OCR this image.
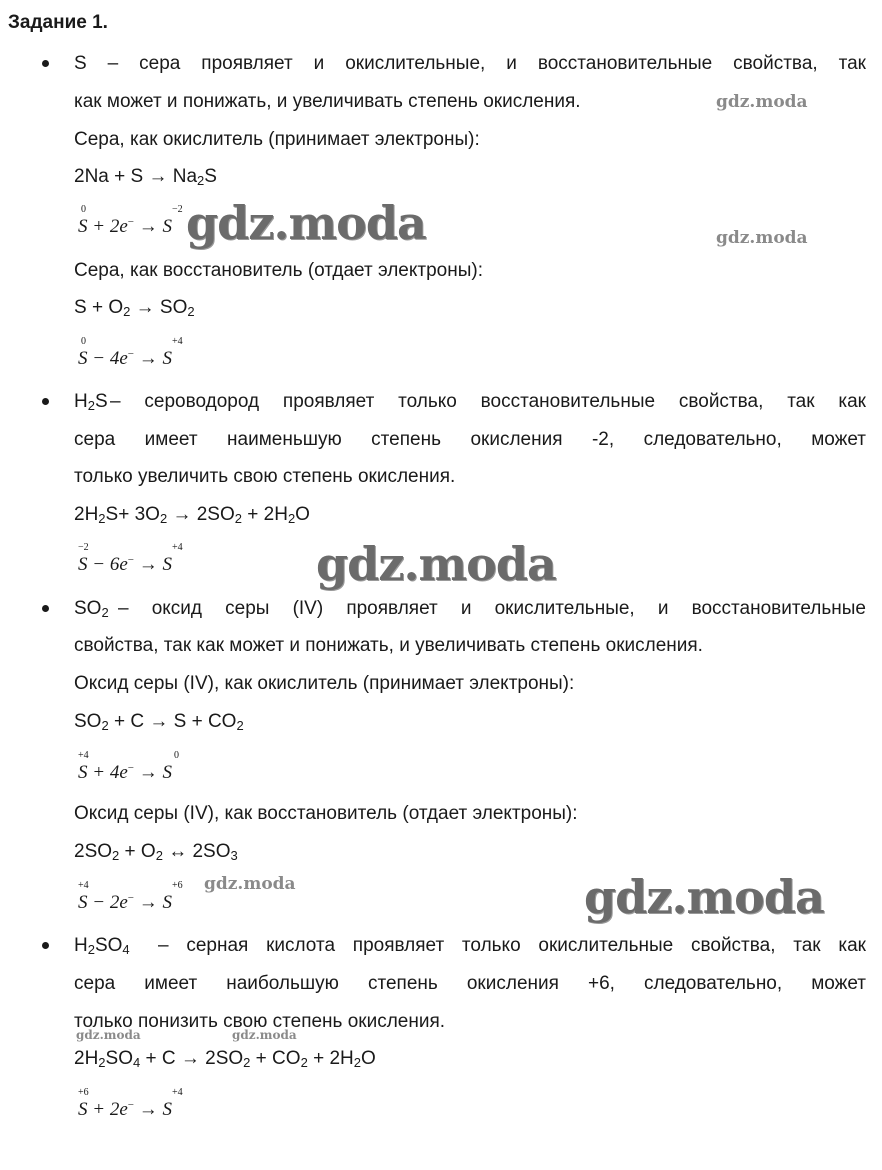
Задание 1.
S – сера проявляет и окислительные, и восстановительные свойства, так
как может и понижать, и увеличивать степень окисления.
Сера, как окислитель (принимает электроны):
$2Na + S \to Na_2S$
0	−2
S + 2e− → S
Сера, как восстановитель (отдает электроны):
$S + O_2 \to SO_2$
0	+4
S − 4e− → S
$H_2S$ – сероводород проявляет только восстановительные свойства, так как
сера имеет наименьшую степень окисления -2, следовательно, может
только увеличить свою степень окисления.
$2H_2S+ 3O_2 \to 2SO_2 + 2H_2O$
−2	+4
S − 6e− → S
$SO_2$ – оксид серы (IV) проявляет и окислительные, и восстановительные
свойства, так как может и понижать, и увеличивать степень окисления.
Оксид серы (IV), как окислитель (принимает электроны):
$SO_2 + C \to S + CO_2$
+4	0
S + 4e− → S
Оксид серы (IV), как восстановитель (отдает электроны):
$2SO_2 + O_2$ ↔ $2SO_3$
+4	+6
S − 2e− → S
$H_2SO_4$ – серная кислота проявляет только окислительные свойства, так как
сера имеет наибольшую степень окисления +6, следовательно, может
только понизить свою степень окисления.
$2H_2SO_4 + C \to 2SO_2 + CO_2 + 2H_2O$
+6	+4
S + 2e− → S
gdz.moda
gdz.moda	gdz.moda
gdz.moda
gdz.moda	gdz.moda
gdz.moda	gdz.moda
